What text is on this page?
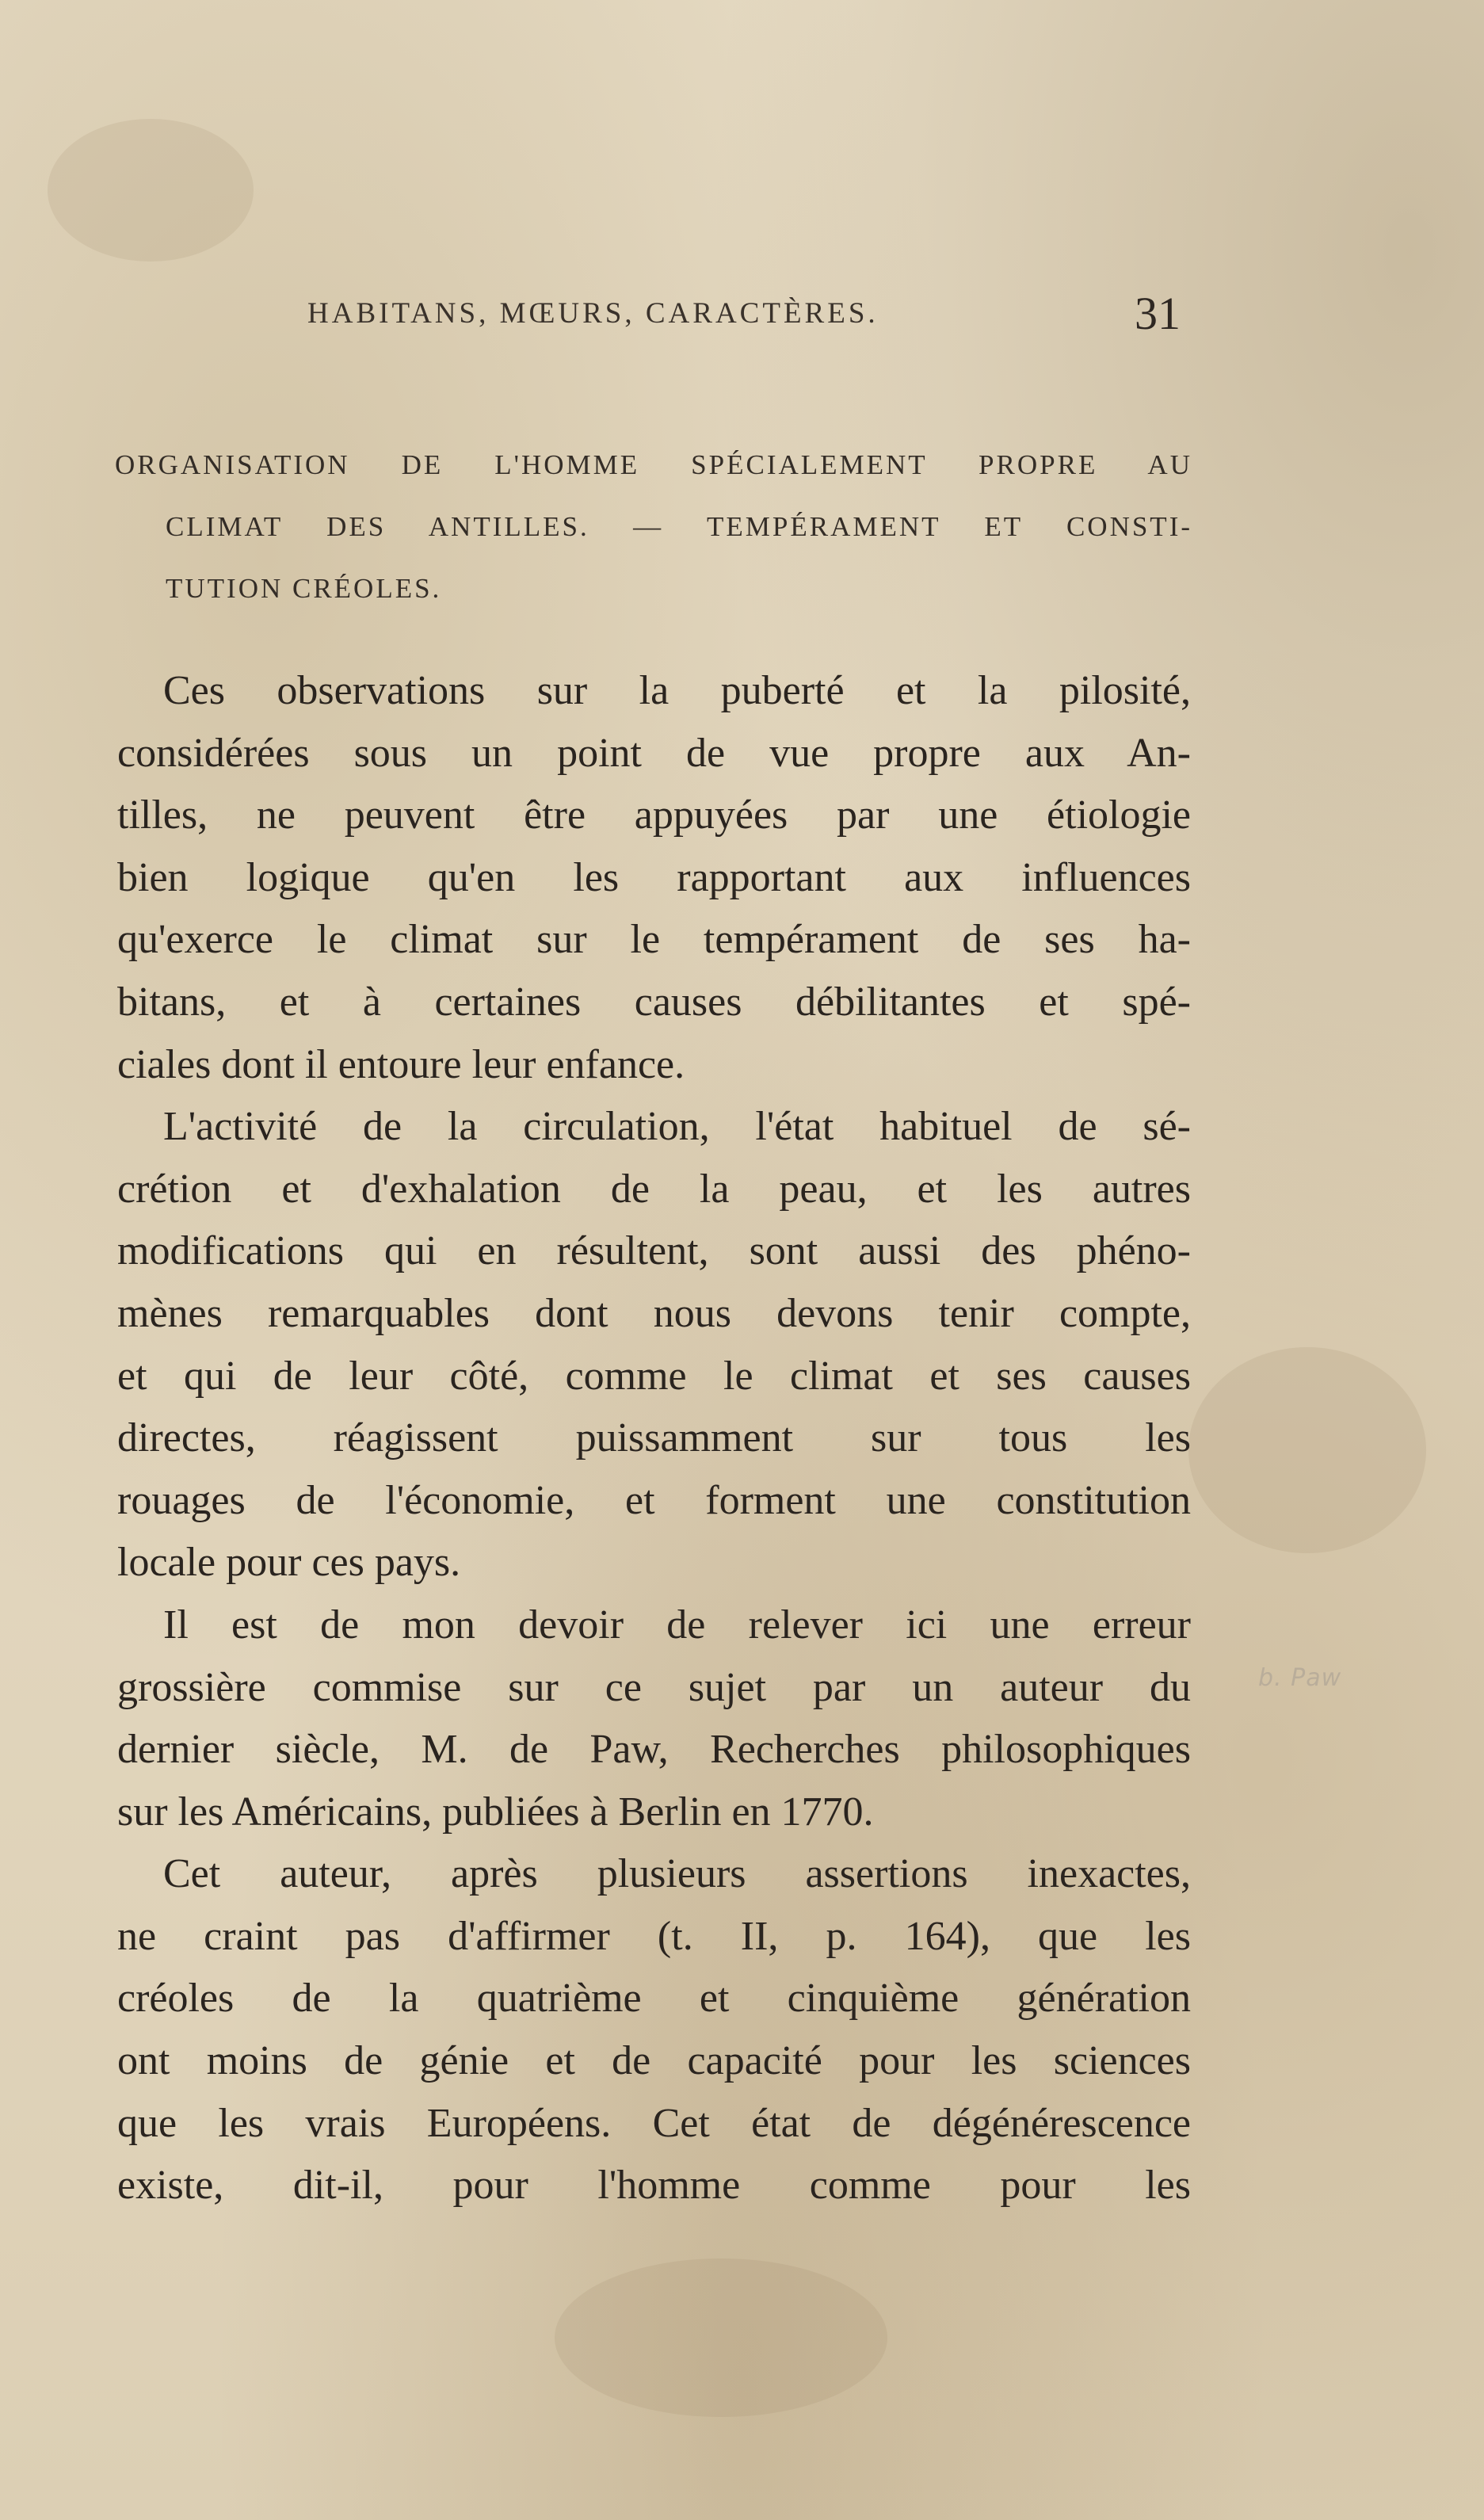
HABITANS, MŒURS, CARACTÈRES.	31
ORGANISATION DE L'HOMME SPÉCIALEMENT PROPRE AU
CLIMAT DES ANTILLES. — TEMPÉRAMENT ET CONSTI-
TUTION CRÉOLES.
Ces observations sur la puberté et la pilosité,
considérées sous un point de vue propre aux An-
tilles, ne peuvent être appuyées par une étiologie
bien logique qu'en les rapportant aux influences
qu'exerce le climat sur le tempérament de ses ha-
bitans, et à certaines causes débilitantes et spé-
ciales dont il entoure leur enfance.
L'activité de la circulation, l'état habituel de sé-
crétion et d'exhalation de la peau, et les autres
modifications qui en résultent, sont aussi des phéno-
mènes remarquables dont nous devons tenir compte,
et qui de leur côté, comme le climat et ses causes
directes, réagissent puissamment sur tous les
rouages de l'économie, et forment une constitution
locale pour ces pays.
Il est de mon devoir de relever ici une erreur
grossière commise sur ce sujet par un auteur du
dernier siècle, M. de Paw, Recherches philosophiques
sur les Américains, publiées à Berlin en 1770.
Cet auteur, après plusieurs assertions inexactes,
ne craint pas d'affirmer (t. II, p. 164), que les
créoles de la quatrième et cinquième génération
ont moins de génie et de capacité pour les sciences
que les vrais Européens. Cet état de dégénérescence
existe, dit-il, pour l'homme comme pour les
b. Paw
